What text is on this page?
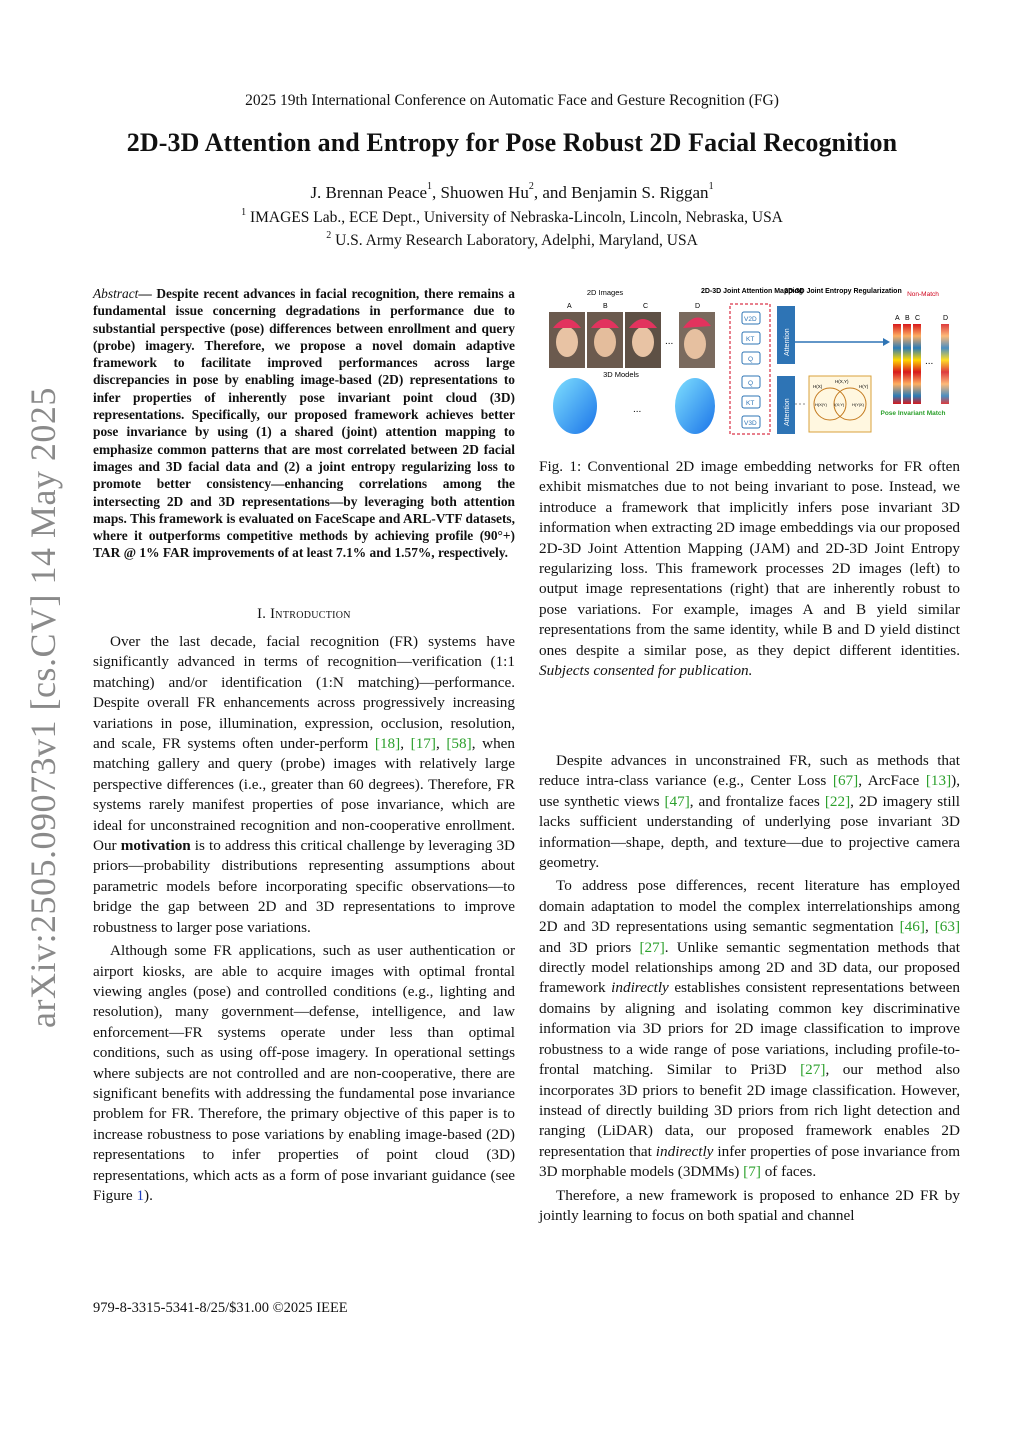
2025 19th International Conference on Automatic Face and Gesture Recognition (FG)
2D-3D Attention and Entropy for Pose Robust 2D Facial Recognition
J. Brennan Peace$^1$, Shuowen Hu$^2$, and Benjamin S. Riggan$^1$
$^1$ IMAGES Lab., ECE Dept., University of Nebraska-Lincoln, Lincoln, Nebraska, USA
$^2$ U.S. Army Research Laboratory, Adelphi, Maryland, USA
arXiv:2505.09073v1 [cs.CV] 14 May 2025
Abstract— Despite recent advances in facial recognition, there remains a fundamental issue concerning degradations in performance due to substantial perspective (pose) differences between enrollment and query (probe) imagery. Therefore, we propose a novel domain adaptive framework to facilitate improved performances across large discrepancies in pose by enabling image-based (2D) representations to infer properties of inherently pose invariant point cloud (3D) representations. Specifically, our proposed framework achieves better pose invariance by using (1) a shared (joint) attention mapping to emphasize common patterns that are most correlated between 2D facial images and 3D facial data and (2) a joint entropy regularizing loss to promote better consistency—enhancing correlations among the intersecting 2D and 3D representations—by leveraging both attention maps. This framework is evaluated on FaceScape and ARL-VTF datasets, where it outperforms competitive methods by achieving profile (90°+) TAR @ 1% FAR improvements of at least 7.1% and 1.57%, respectively.
I. Introduction

Over the last decade, facial recognition (FR) systems have significantly advanced in terms of recognition—verification (1:1 matching) and/or identification (1:N matching)—performance. Despite overall FR enhancements across progressively increasing variations in pose, illumination, expression, occlusion, resolution, and scale, FR systems often under-perform [18], [17], [58], when matching gallery and query (probe) images with relatively large perspective differences (i.e., greater than 60 degrees). Therefore, FR systems rarely manifest properties of pose invariance, which are ideal for unconstrained recognition and non-cooperative enrollment. Our motivation is to address this critical challenge by leveraging 3D priors—probability distributions representing assumptions about parametric models before incorporating specific observations—to bridge the gap between 2D and 3D representations to improve robustness to larger pose variations.

Although some FR applications, such as user authentication or airport kiosks, are able to acquire images with optimal frontal viewing angles (pose) and controlled conditions (e.g., lighting and resolution), many government—defense, intelligence, and law enforcement—FR systems operate under less than optimal conditions, such as using off-pose imagery. In operational settings where subjects are not controlled and are non-cooperative, there are significant benefits with addressing the fundamental pose invariance problem for FR. Therefore, the primary objective of this paper is to increase robustness to pose variations by enabling image-based (2D) representations to infer properties of point cloud (3D) representations, which acts as a form of pose invariant guidance (see Figure 1).

2D Images
A	B	C	D
...
3D Models
...
2D-3D Joint Attention Mapping
V2D
KT
Q
Q
KT
V3D
Attention
Attention
2D-3D Joint Entropy Regularization
H(X)
H(X,Y)
H(Y)
H(X|Y) I(X;Y) H(Y|X)
Non-Match
A B C	D
...
Pose Invariant Match
Fig. 1: Conventional 2D image embedding networks for FR often exhibit mismatches due to not being invariant to pose. Instead, we introduce a framework that implicitly infers pose invariant 3D information when extracting 2D image embeddings via our proposed 2D-3D Joint Attention Mapping (JAM) and 2D-3D Joint Entropy regularizing loss. This framework processes 2D images (left) to output image representations (right) that are inherently robust to pose variations. For example, images A and B yield similar representations from the same identity, while B and D yield distinct ones despite a similar pose, as they depict different identities. Subjects consented for publication.

Despite advances in unconstrained FR, such as methods that reduce intra-class variance (e.g., Center Loss [67], ArcFace [13]), use synthetic views [47], and frontalize faces [22], 2D imagery still lacks sufficient understanding of underlying pose invariant 3D information—shape, depth, and texture—due to projective camera geometry.

To address pose differences, recent literature has employed domain adaptation to model the complex interrelationships among 2D and 3D representations using semantic segmentation [46], [63] and 3D priors [27]. Unlike semantic segmentation methods that directly model relationships among 2D and 3D data, our proposed framework indirectly establishes consistent representations between domains by aligning and isolating common key discriminative information via 3D priors for 2D image classification to improve robustness to a wide range of pose variations, including profile-to-frontal matching. Similar to Pri3D [27], our method also incorporates 3D priors to benefit 2D image classification. However, instead of directly building 3D priors from rich light detection and ranging (LiDAR) data, our proposed framework enables 2D representation that indirectly infer properties of pose invariance from 3D morphable models (3DMMs) [7] of faces.

Therefore, a new framework is proposed to enhance 2D FR by jointly learning to focus on both spatial and channel

979-8-3315-5341-8/25/$31.00 ©2025 IEEE
